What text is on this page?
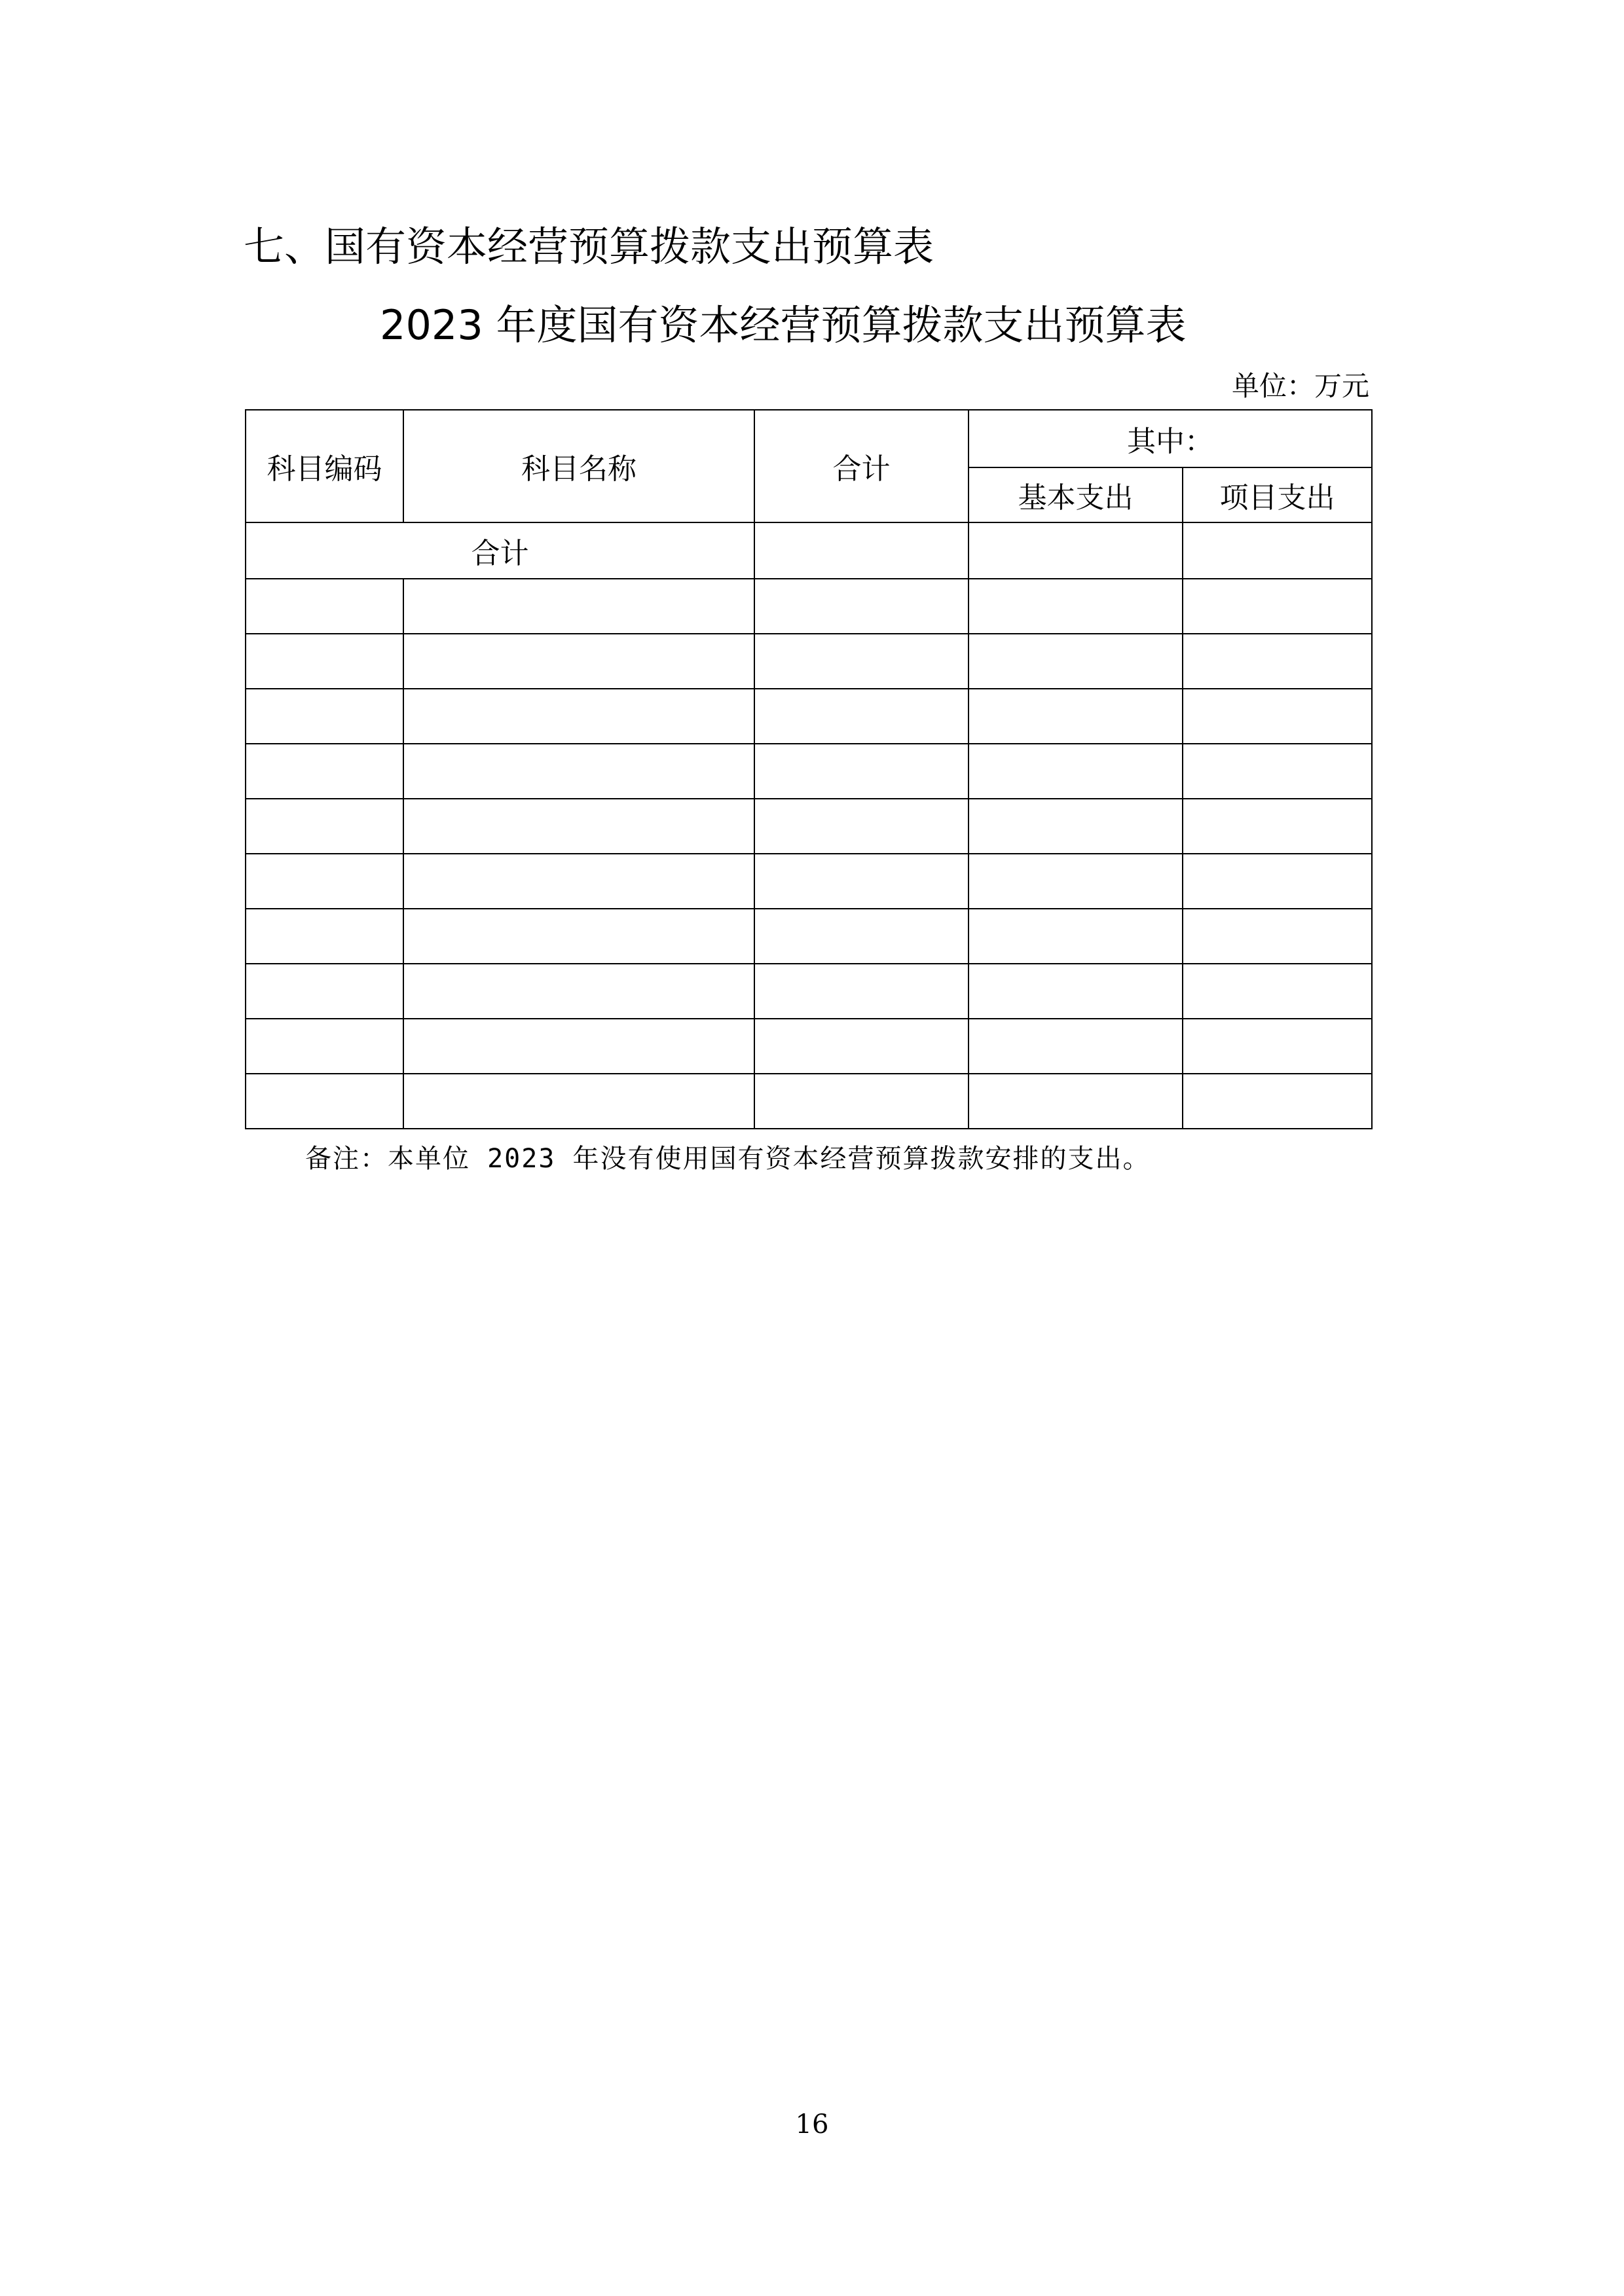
七、国有资本经营预算拨款支出预算表
2023 年度国有资本经营预算拨款支出预算表
单位：万元
科目编码	科目名称	合计	其中：	
			基本支出	项目支出
合计				

备注：本单位 2023 年没有使用国有资本经营预算拨款安排的支出。
16
